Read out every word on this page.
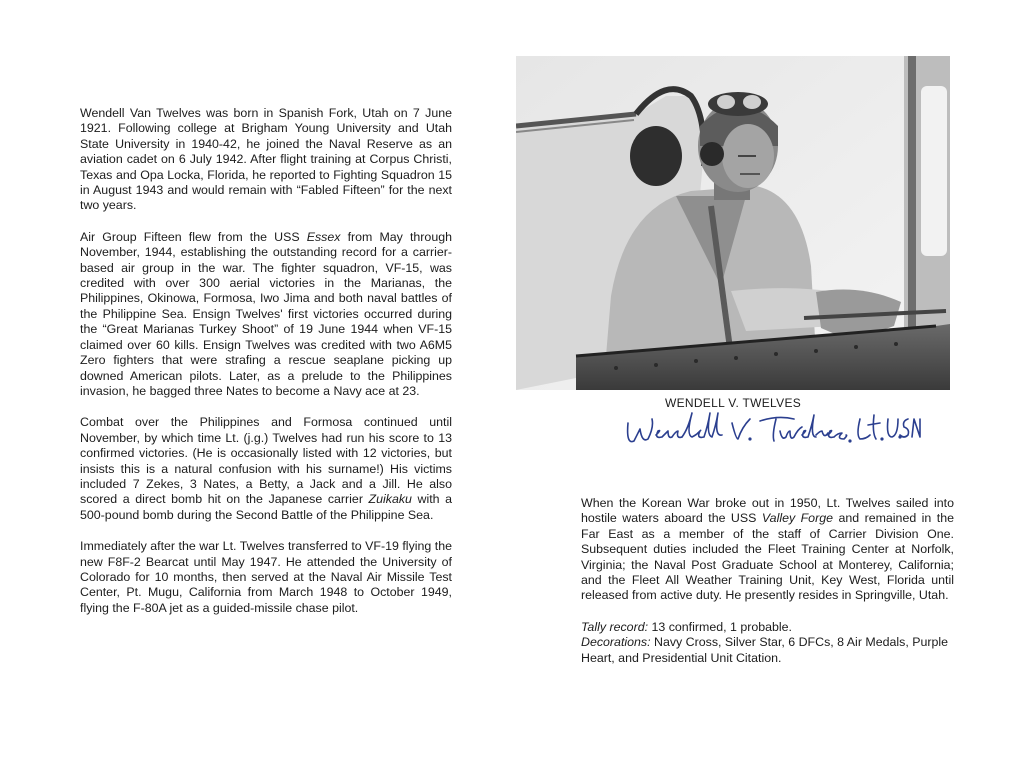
Wendell Van Twelves was born in Spanish Fork, Utah on 7 June 1921. Following college at Brigham Young University and Utah State University in 1940-42, he joined the Naval Reserve as an aviation cadet on 6 July 1942. After flight training at Corpus Christi, Texas and Opa Locka, Florida, he reported to Fighting Squadron 15 in August 1943 and would remain with “Fabled Fifteen” for the next two years.

Air Group Fifteen flew from the USS Essex from May through November, 1944, establishing the outstanding record for a carrier-based air group in the war. The fighter squadron, VF-15, was credited with over 300 aerial victories in the Marianas, the Philippines, Okinowa, Formosa, Iwo Jima and both naval battles of the Philippine Sea. Ensign Twelves' first victories occurred during the “Great Marianas Turkey Shoot” of 19 June 1944 when VF-15 claimed over 60 kills. Ensign Twelves was credited with two A6M5 Zero fighters that were strafing a rescue seaplane picking up downed American pilots. Later, as a prelude to the Philippines invasion, he bagged three Nates to become a Navy ace at 23.

Combat over the Philippines and Formosa continued until November, by which time Lt. (j.g.) Twelves had run his score to 13 confirmed victories. (He is occasionally listed with 12 victories, but insists this is a natural confusion with his surname!) His victims included 7 Zekes, 3 Nates, a Betty, a Jack and a Jill. He also scored a direct bomb hit on the Japanese carrier Zuikaku with a 500-pound bomb during the Second Battle of the Philippine Sea.

Immediately after the war Lt. Twelves transferred to VF-19 flying the new F8F-2 Bearcat until May 1947. He attended the University of Colorado for 10 months, then served at the Naval Air Missile Test Center, Pt. Mugu, California from March 1948 to October 1949, flying the F-80A jet as a guided-missile chase pilot.

WENDELL V. TWELVES

When the Korean War broke out in 1950, Lt. Twelves sailed into hostile waters aboard the USS Valley Forge and remained in the Far East as a member of the staff of Carrier Division One. Subsequent duties included the Fleet Training Center at Norfolk, Virginia; the Naval Post Graduate School at Monterey, California; and the Fleet All Weather Training Unit, Key West, Florida until released from active duty. He presently resides in Springville, Utah.

Tally record: 13 confirmed, 1 probable.

Decorations: Navy Cross, Silver Star, 6 DFCs, 8 Air Medals, Purple Heart, and Presidential Unit Citation.
